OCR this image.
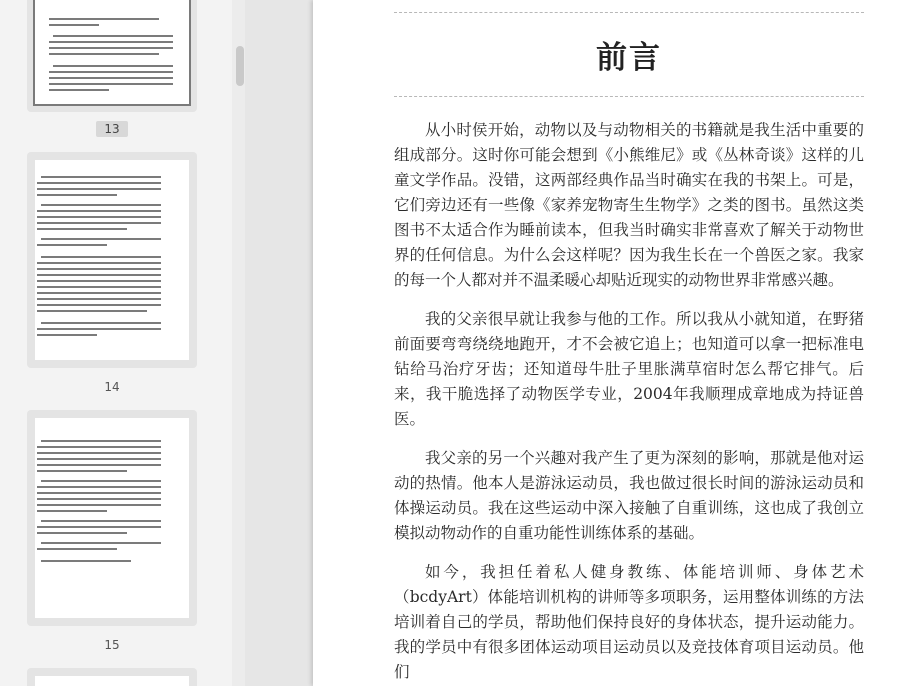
13
14
15
前言

从小时侯开始，动物以及与动物相关的书籍就是我生活中重要的组成部分。这时你可能会想到《小熊维尼》或《丛林奇谈》这样的儿童文学作品。没错，这两部经典作品当时确实在我的书架上。可是，它们旁边还有一些像《家养宠物寄生生物学》之类的图书。虽然这类图书不太适合作为睡前读本，但我当时确实非常喜欢了解关于动物世界的任何信息。为什么会这样呢？因为我生长在一个兽医之家。我家的每一个人都对并不温柔暖心却贴近现实的动物世界非常感兴趣。

我的父亲很早就让我参与他的工作。所以我从小就知道，在野猪前面要弯弯绕绕地跑开，才不会被它追上；也知道可以拿一把标准电钻给马治疗牙齿；还知道母牛肚子里胀满草宿时怎么帮它排气。后来，我干脆选择了动物医学专业，2004年我顺理成章地成为持证兽医。

我父亲的另一个兴趣对我产生了更为深刻的影响，那就是他对运动的热情。他本人是游泳运动员，我也做过很长时间的游泳运动员和体操运动员。我在这些运动中深入接触了自重训练，这也成了我创立模拟动物动作的自重功能性训练体系的基础。

如今，我担任着私人健身教练、体能培训师、身体艺术（bcdyArt）体能培训机构的讲师等多项职务，运用整体训练的方法培训着自己的学员，帮助他们保持良好的身体状态，提升运动能力。我的学员中有很多团体运动项目运动员以及竞技体育项目运动员。他们
